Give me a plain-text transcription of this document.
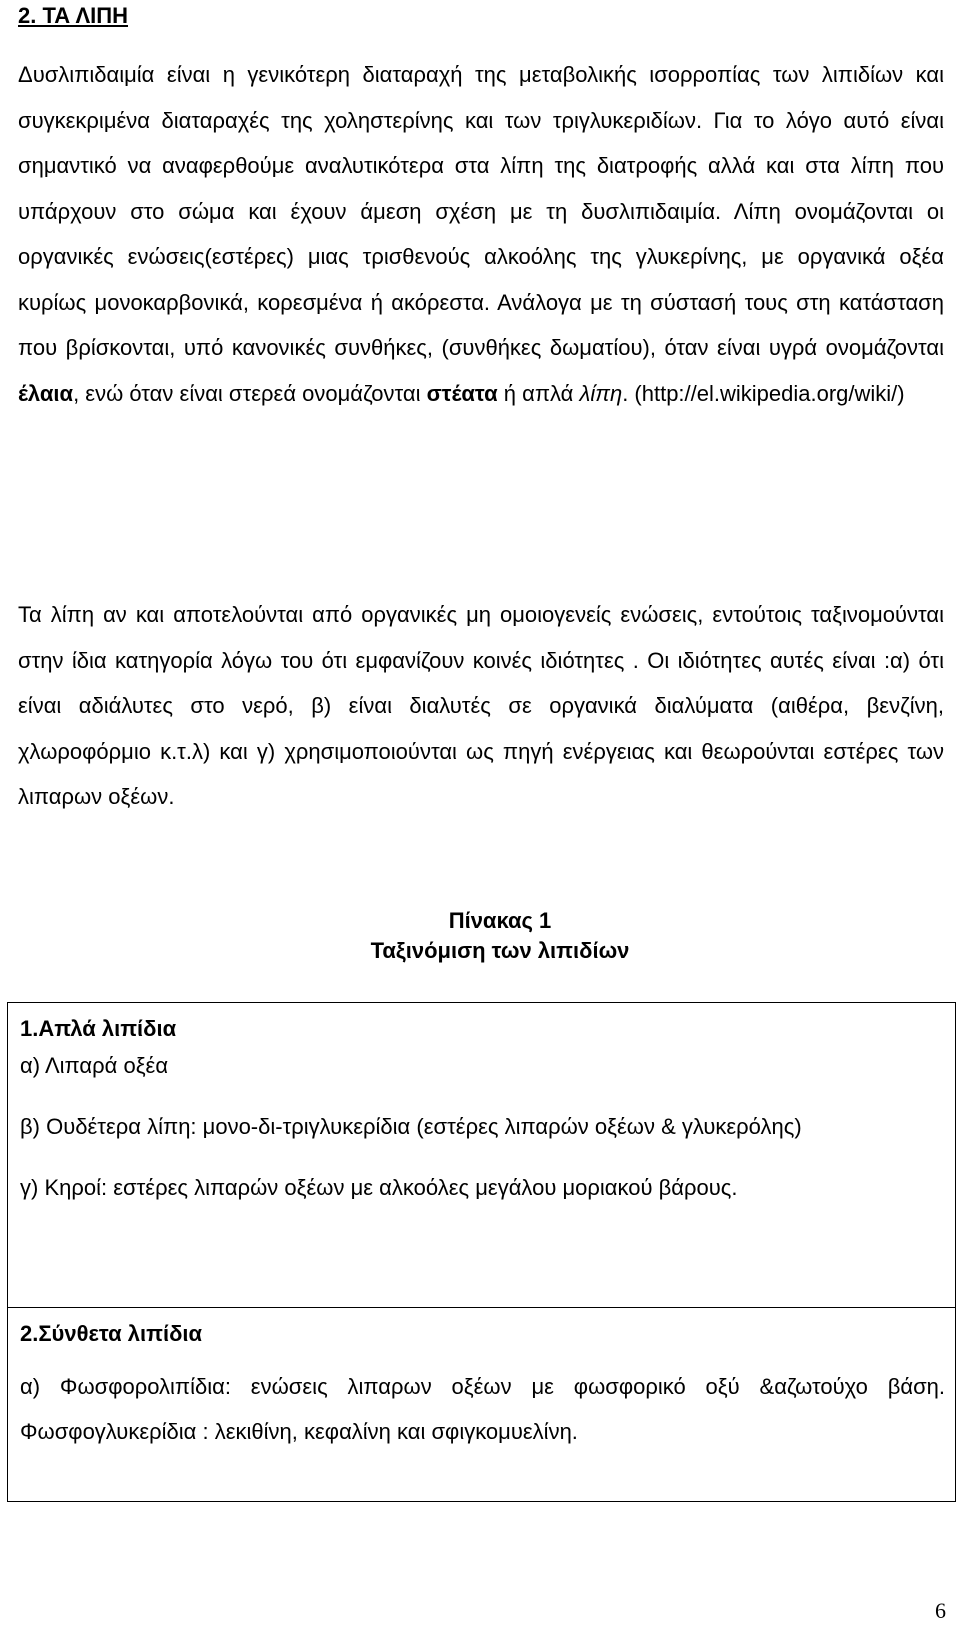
2. ΤΑ ΛΙΠΗ

Δυσλιπιδαιμία είναι η γενικότερη διαταραχή της μεταβολικής ισορροπίας των λιπιδίων και συγκεκριμένα διαταραχές της χοληστερίνης και των τριγλυκεριδίων. Για το λόγο αυτό είναι σημαντικό να αναφερθούμε αναλυτικότερα στα λίπη της διατροφής αλλά και στα λίπη που υπάρχουν στο σώμα και έχουν άμεση σχέση με τη δυσλιπιδαιμία. Λίπη ονομάζονται οι οργανικές ενώσεις(εστέρες) μιας τρισθενούς αλκοόλης της γλυκερίνης, με οργανικά οξέα κυρίως μονοκαρβονικά, κορεσμένα ή ακόρεστα. Ανάλογα με τη σύστασή τους στη κατάσταση που βρίσκονται, υπό κανονικές συνθήκες, (συνθήκες δωματίου), όταν είναι υγρά ονομάζονται έλαια, ενώ όταν είναι στερεά ονομάζονται στέατα ή απλά λίπη. (http://el.wikipedia.org/wiki/)

Τα λίπη αν και αποτελούνται από οργανικές μη ομοιογενείς ενώσεις, εντούτοις ταξινομούνται στην ίδια κατηγορία λόγω του ότι εμφανίζουν κοινές ιδιότητες . Οι ιδιότητες αυτές είναι :α) ότι είναι αδιάλυτες στο νερό, β) είναι διαλυτές σε οργανικά διαλύματα (αιθέρα, βενζίνη, χλωροφόρμιο κ.τ.λ) και γ) χρησιμοποιούνται ως πηγή ενέργειας και θεωρούνται εστέρες των λιπαρων οξέων.

Πίνακας 1
Ταξινόμιση των λιπιδίων

1.Απλά λιπίδια

α) Λιπαρά οξέα

β) Ουδέτερα λίπη: μονο-δι-τριγλυκερίδια (εστέρες λιπαρών οξέων & γλυκερόλης)

γ) Κηροί: εστέρες λιπαρών οξέων με αλκοόλες μεγάλου μοριακού βάρους.

2.Σύνθετα λιπίδια

α) Φωσφορολιπίδια: ενώσεις λιπαρων οξέων με φωσφορικό οξύ &αζωτούχο βάση. Φωσφογλυκερίδια : λεκιθίνη, κεφαλίνη και σφιγκομυελίνη.

6
